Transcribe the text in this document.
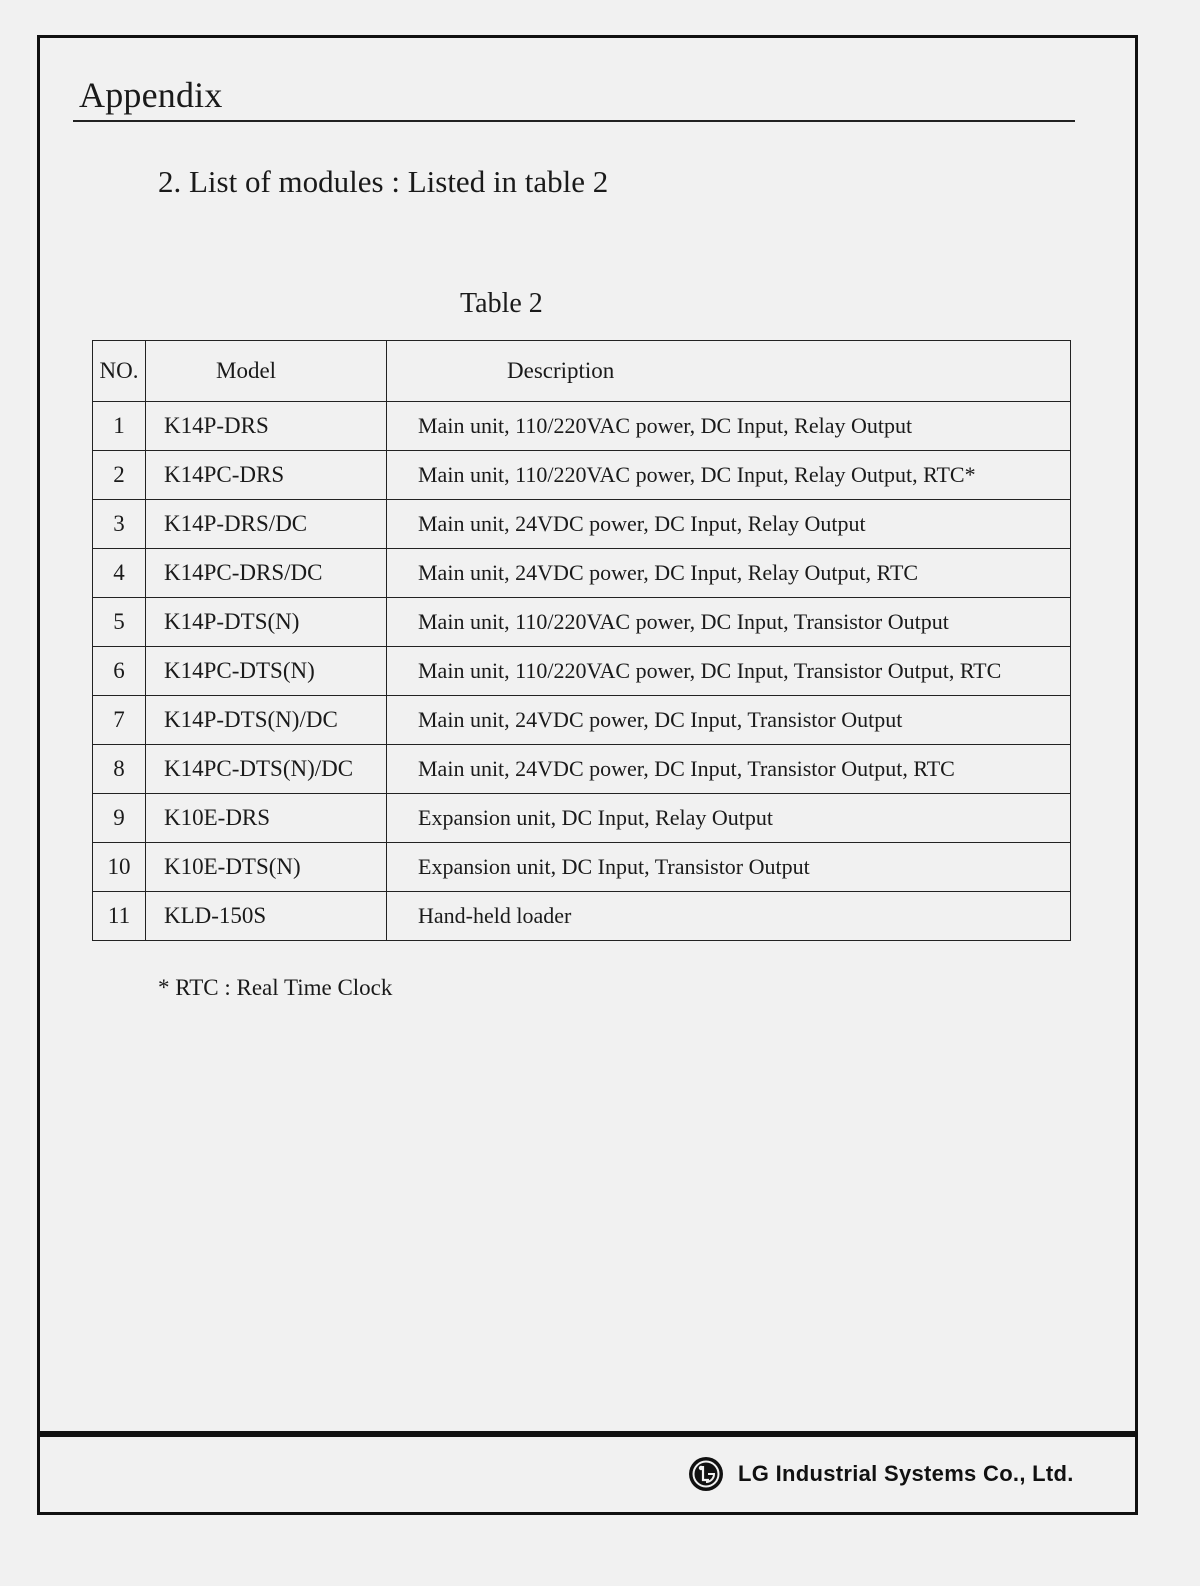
Appendix
2. List of modules : Listed in table 2
Table 2
NO.	Model	Description
1	K14P-DRS	Main unit, 110/220VAC power, DC Input, Relay Output
2	K14PC-DRS	Main unit, 110/220VAC power, DC Input, Relay Output, RTC*
3	K14P-DRS/DC	Main unit, 24VDC power, DC Input, Relay Output
4	K14PC-DRS/DC	Main unit, 24VDC power, DC Input, Relay Output, RTC
5	K14P-DTS(N)	Main unit, 110/220VAC power, DC Input, Transistor Output
6	K14PC-DTS(N)	Main unit, 110/220VAC power, DC Input, Transistor Output, RTC
7	K14P-DTS(N)/DC	Main unit, 24VDC power, DC Input, Transistor Output
8	K14PC-DTS(N)/DC	Main unit, 24VDC power, DC Input, Transistor Output, RTC
9	K10E-DRS	Expansion unit, DC Input, Relay Output
10	K10E-DTS(N)	Expansion unit, DC Input, Transistor Output
11	KLD-150S	Hand-held loader
* RTC : Real Time Clock
LG Industrial Systems Co., Ltd.
